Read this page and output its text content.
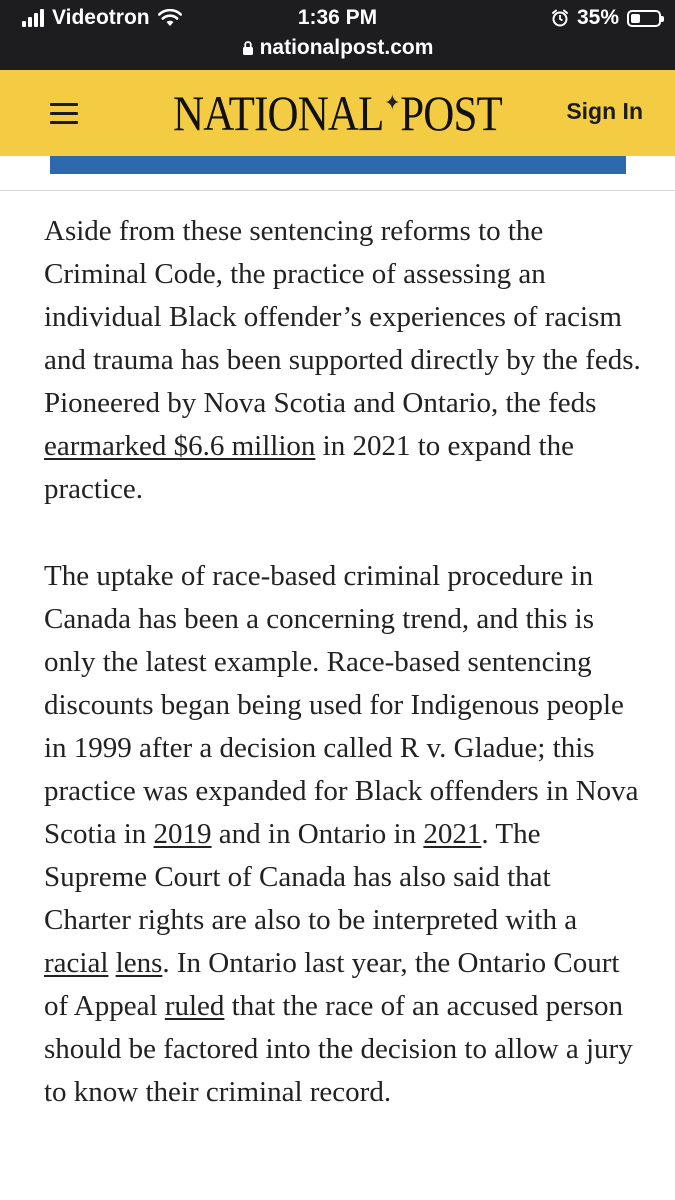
Videotron	1:36 PM	35%
nationalpost.com
NATIONAL✦POST	Sign In

Aside from these sentencing reforms to the Criminal Code, the practice of assessing an individual Black offender’s experiences of racism and trauma has been supported directly by the feds. Pioneered by Nova Scotia and Ontario, the feds earmarked $6.6 million in 2021 to expand the practice.

The uptake of race-based criminal procedure in Canada has been a concerning trend, and this is only the latest example. Race-based sentencing discounts began being used for Indigenous people in 1999 after a decision called R v. Gladue; this practice was expanded for Black offenders in Nova Scotia in 2019 and in Ontario in 2021. The Supreme Court of Canada has also said that Charter rights are also to be interpreted with a racial lens. In Ontario last year, the Ontario Court of Appeal ruled that the race of an accused person should be factored into the decision to allow a jury to know their criminal record.
